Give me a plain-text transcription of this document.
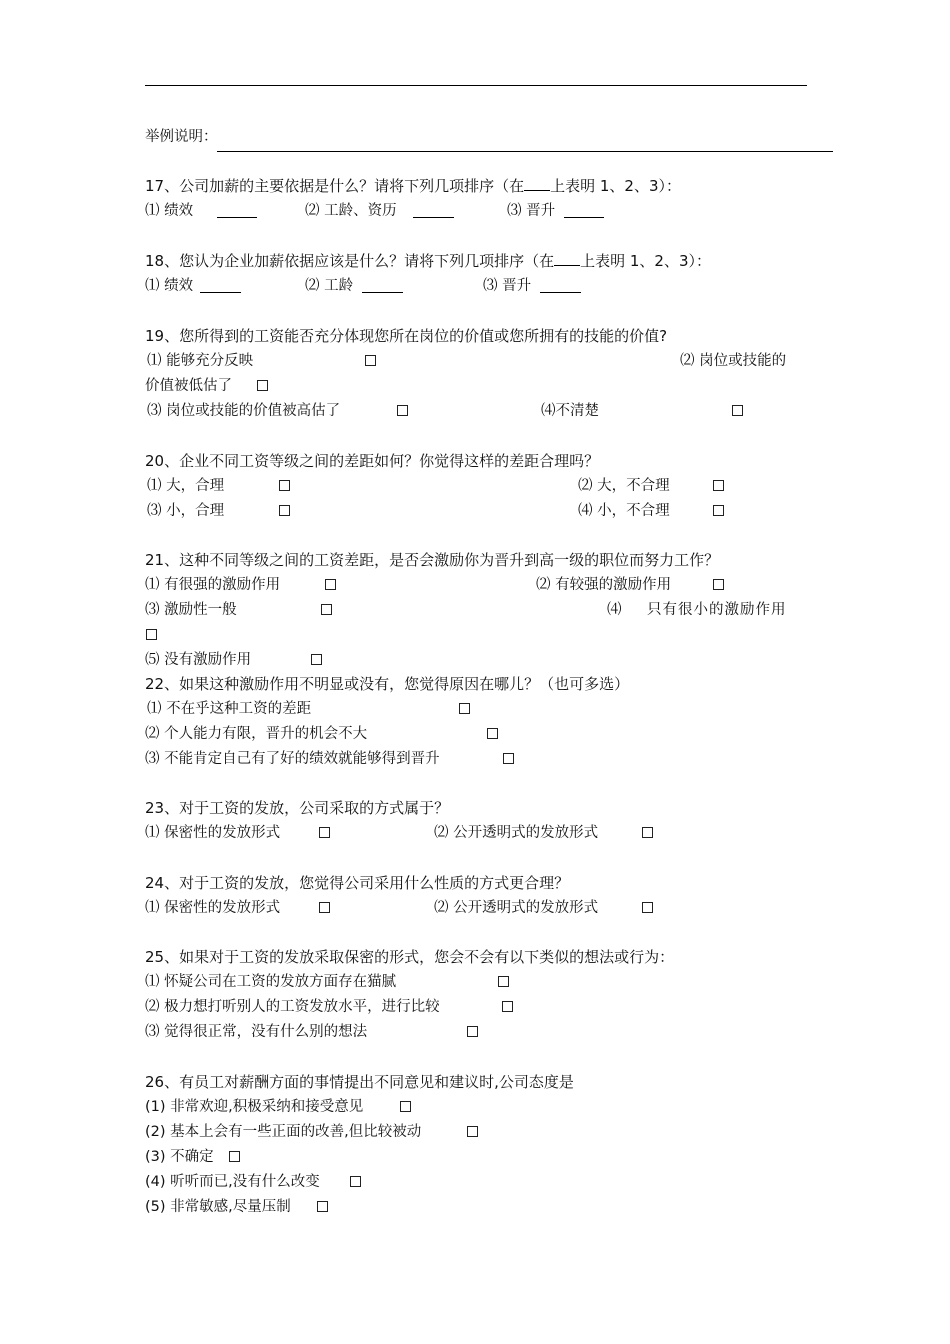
举例说明：
17、公司加薪的主要依据是什么？请将下列几项排序（在 上表明 1、2、3）：
⑴ 绩效	⑵ 工龄、资历	⑶ 晋升
18、您认为企业加薪依据应该是什么？请将下列几项排序（在 上表明 1、2、3）：
⑴ 绩效	⑵ 工龄	⑶ 晋升
19、您所得到的工资能否充分体现您所在岗位的价值或您所拥有的技能的价值?
⑴ 能够充分反映	⑵ 岗位或技能的
价值被低估了
⑶ 岗位或技能的价值被高估了	⑷不清楚
20、企业不同工资等级之间的差距如何？你觉得这样的差距合理吗？
⑴ 大，合理	⑵ 大，不合理
⑶ 小，合理	⑷ 小，不合理
21、这种不同等级之间的工资差距，是否会激励你为晋升到高一级的职位而努力工作？
⑴ 有很强的激励作用	⑵ 有较强的激励作用
⑶ 激励性一般	⑷ 只有很小的激励作用
⑸ 没有激励作用
22、如果这种激励作用不明显或没有，您觉得原因在哪儿？（也可多选）
⑴ 不在乎这种工资的差距
⑵ 个人能力有限，晋升的机会不大
⑶ 不能肯定自己有了好的绩效就能够得到晋升
23、对于工资的发放，公司采取的方式属于？
⑴ 保密性的发放形式	⑵ 公开透明式的发放形式
24、对于工资的发放，您觉得公司采用什么性质的方式更合理？
⑴ 保密性的发放形式	⑵ 公开透明式的发放形式
25、如果对于工资的发放采取保密的形式，您会不会有以下类似的想法或行为：
⑴ 怀疑公司在工资的发放方面存在猫腻
⑵ 极力想打听别人的工资发放水平，进行比较
⑶ 觉得很正常，没有什么别的想法
26、有员工对薪酬方面的事情提出不同意见和建议时,公司态度是
(1) 非常欢迎,积极采纳和接受意见
(2) 基本上会有一些正面的改善,但比较被动
(3) 不确定
(4) 听听而已,没有什么改变
(5) 非常敏感,尽量压制
